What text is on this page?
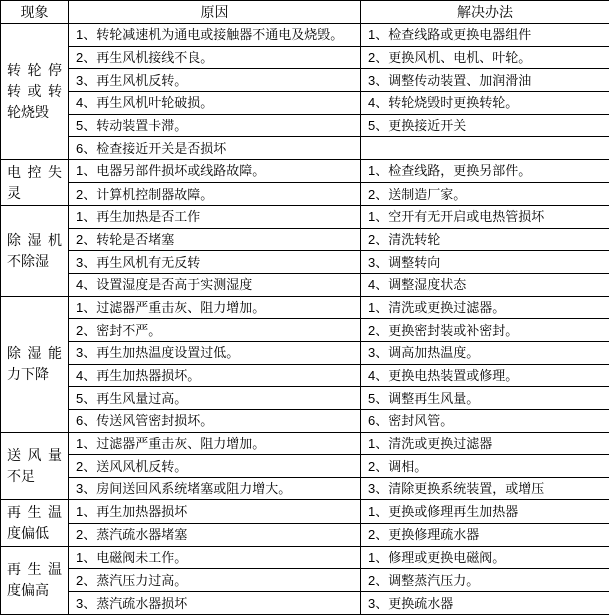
现象	原因	解决办法
转轮停转或转轮烧毁	1、转轮减速机为通电或接触器不通电及烧毁。	1、检查线路或更换电器组件
	2、再生风机接线不良。	2、更换风机、电机、叶轮。
	3、再生风机反转。	3、调整传动装置、加润滑油
	4、再生风机叶轮破损。	4、转轮烧毁时更换转轮。
	5、转动装置卡滞。	5、更换接近开关
	6、检查接近开关是否损坏	
电控失灵	1、电器另部件损坏或线路故障。	1、检查线路，更换另部件。
	2、计算机控制器故障。	2、送制造厂家。
除湿机不除湿	1、再生加热是否工作	1、空开有无开启或电热管损坏
	2、转轮是否堵塞	2、清洗转轮
	3、再生风机有无反转	3、调整转向
	4、设置湿度是否高于实测湿度	4、调整湿度状态
除湿能力下降	1、过滤器严重击灰、阻力增加。	1、清洗或更换过滤器。
	2、密封不严。	2、更换密封装或补密封。
	3、再生加热温度设置过低。	3、调高加热温度。
	4、再生加热器损坏。	4、更换电热装置或修理。
	5、再生风量过高。	5、调整再生风量。
	6、传送风管密封损坏。	6、密封风管。
送风量不足	1、过滤器严重击灰、阻力增加。	1、清洗或更换过滤器
	2、送风风机反转。	2、调相。
	3、房间送回风系统堵塞或阻力增大。	3、清除更换系统装置，或增压
再生温度偏低	1、再生加热器损坏	1、更换或修理再生加热器
	2、蒸汽疏水器堵塞	2、更换修理疏水器
再生温度偏高	1、电磁阀未工作。	1、修理或更换电磁阀。
	2、蒸汽压力过高。	2、调整蒸汽压力。
	3、蒸汽疏水器损坏	3、更换疏水器
